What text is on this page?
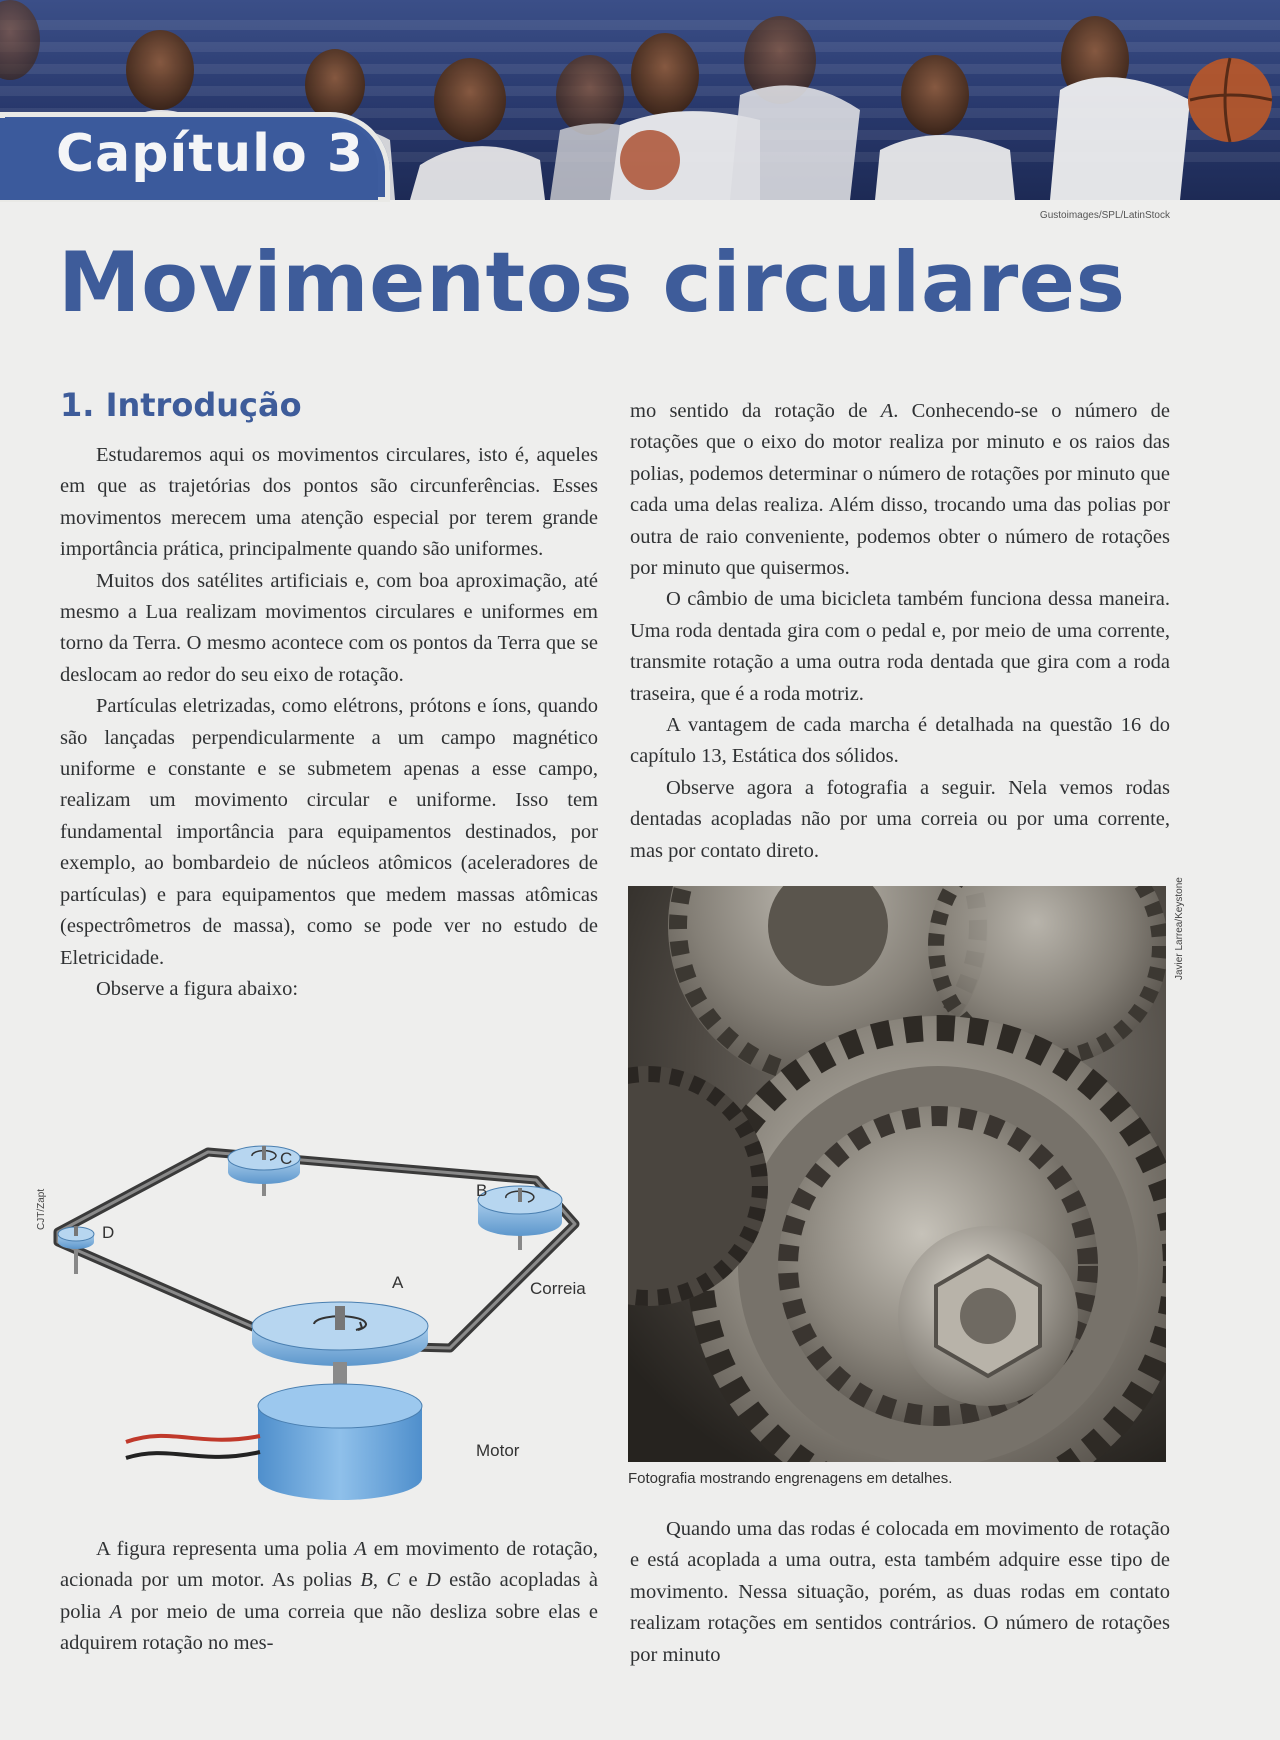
Capítulo 3
Gustoimages/SPL/LatinStock
Movimentos circulares
1. Introdução

Estudaremos aqui os movimentos circulares, isto é, aqueles em que as trajetórias dos pontos são circunferências. Esses movimentos merecem uma atenção especial por terem grande importância prática, principalmente quando são uniformes.

Muitos dos satélites artificiais e, com boa aproximação, até mesmo a Lua realizam movimentos circulares e uniformes em torno da Terra. O mesmo acontece com os pontos da Terra que se deslocam ao redor do seu eixo de rotação.

Partículas eletrizadas, como elétrons, prótons e íons, quando são lançadas perpendicularmente a um campo magnético uniforme e constante e se submetem apenas a esse campo, realizam um movimento circular e uniforme. Isso tem fundamental importância para equipamentos destinados, por exemplo, ao bombardeio de núcleos atômicos (aceleradores de partículas) e para equipamentos que medem massas atômicas (espectrômetros de massa), como se pode ver no estudo de Eletricidade.

Observe a figura abaixo:

C
B
D
A	Correia
Motor
CJT/Zapt

A figura representa uma polia A em movimento de rotação, acionada por um motor. As polias B, C e D estão acopladas à polia A por meio de uma correia que não desliza sobre elas e adquirem rotação no mes-

mo sentido da rotação de A. Conhecendo-se o número de rotações que o eixo do motor realiza por minuto e os raios das polias, podemos determinar o número de rotações por minuto que cada uma delas realiza. Além disso, trocando uma das polias por outra de raio conveniente, podemos obter o número de rotações por minuto que quisermos.

O câmbio de uma bicicleta também funciona dessa maneira. Uma roda dentada gira com o pedal e, por meio de uma corrente, transmite rotação a uma outra roda dentada que gira com a roda traseira, que é a roda motriz.

A vantagem de cada marcha é detalhada na questão 16 do capítulo 13, Estática dos sólidos.

Observe agora a fotografia a seguir. Nela vemos rodas dentadas acopladas não por uma correia ou por uma corrente, mas por contato direto.

Javier Larrea/Keystone
Fotografia mostrando engrenagens em detalhes.

Quando uma das rodas é colocada em movimento de rotação e está acoplada a uma outra, esta também adquire esse tipo de movimento. Nessa situação, porém, as duas rodas em contato realizam rotações em sentidos contrários. O número de rotações por minuto
